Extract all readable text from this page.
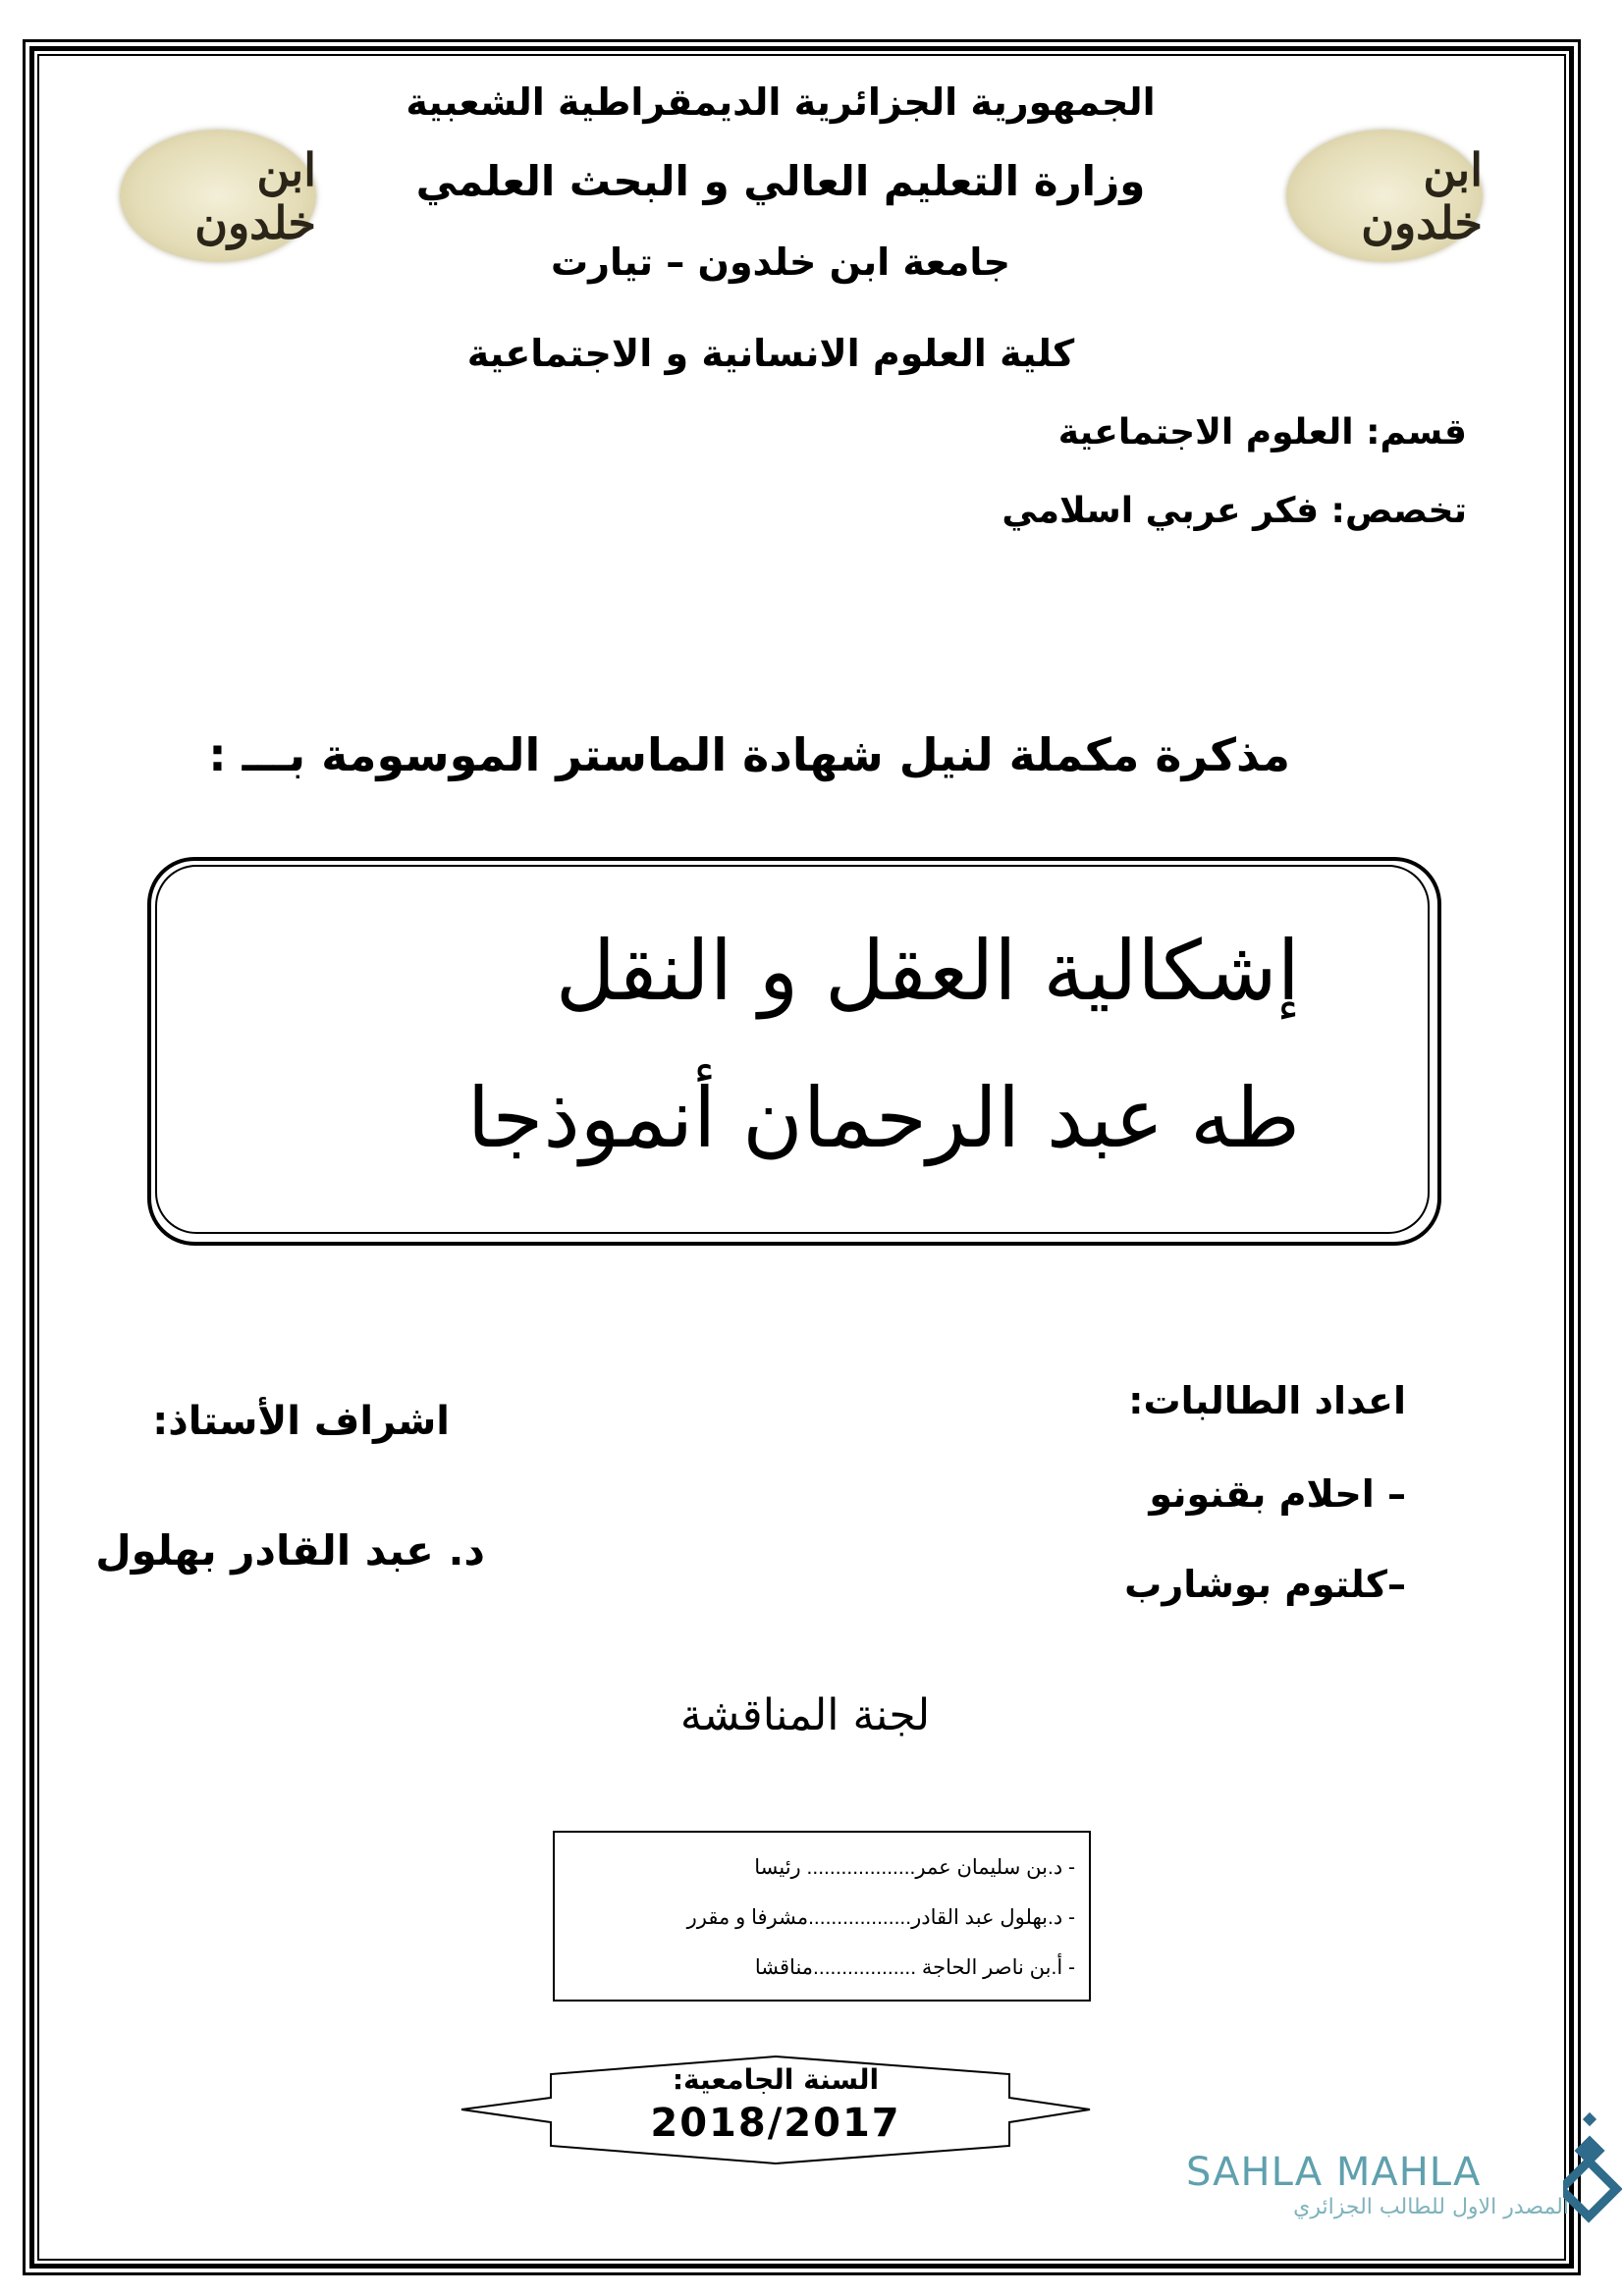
ابن خلدون
ابن خلدون
الجمهورية الجزائرية الديمقراطية الشعبية
وزارة التعليم العالي و البحث العلمي
جامعة ابن خلدون – تيارت
كلية العلوم الانسانية و الاجتماعية
قسم: العلوم الاجتماعية
تخصص: فكر عربي اسلامي
مذكرة مكملة لنيل شهادة الماستر الموسومة بـــ :
إشكالية العقل و النقل
طه عبد الرحمان أنموذجا
اشراف الأستاذ:
د. عبد القادر بهلول
اعداد الطالبات:
– احلام بقنونو
–كلتوم بوشارب
لجنة المناقشة
- د.بن سليمان عمر................... رئيسا
- د.بهلول عبد القادر..................مشرفا و مقرر
- أ.بن ناصر الحاجة ..................مناقشا
السنة الجامعية:
2018/2017
SAHLA MAHLA
المصدر الاول للطالب الجزائري
